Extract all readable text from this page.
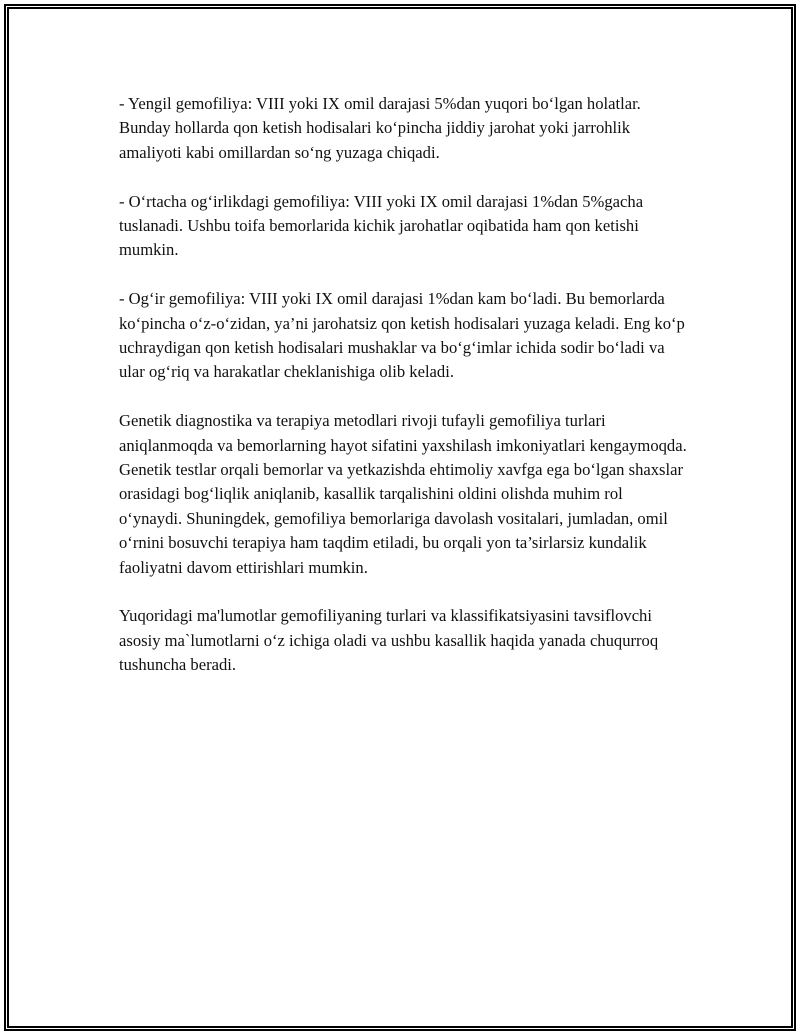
- Yengil gemofiliya: VIII yoki IX omil darajasi 5%dan yuqori bo‘lgan holatlar. Bunday hollarda qon ketish hodisalari ko‘pincha jiddiy jarohat yoki jarrohlik amaliyoti kabi omillardan so‘ng yuzaga chiqadi.

- O‘rtacha og‘irlikdagi gemofiliya: VIII yoki IX omil darajasi 1%dan 5%gacha tuslanadi. Ushbu toifa bemorlarida kichik jarohatlar oqibatida ham qon ketishi mumkin.

- Og‘ir gemofiliya: VIII yoki IX omil darajasi 1%dan kam bo‘ladi. Bu bemorlarda ko‘pincha o‘z-o‘zidan, ya’ni jarohatsiz qon ketish hodisalari yuzaga keladi. Eng ko‘p uchraydigan qon ketish hodisalari mushaklar va bo‘g‘imlar ichida sodir bo‘ladi va ular og‘riq va harakatlar cheklanishiga olib keladi.

Genetik diagnostika va terapiya metodlari rivoji tufayli gemofiliya turlari aniqlanmoqda va bemorlarning hayot sifatini yaxshilash imkoniyatlari kengaymoqda. Genetik testlar orqali bemorlar va yetkazishda ehtimoliy xavfga ega bo‘lgan shaxslar orasidagi bog‘liqlik aniqlanib, kasallik tarqalishini oldini olishda muhim rol o‘ynaydi. Shuningdek, gemofiliya bemorlariga davolash vositalari, jumladan, omil o‘rnini bosuvchi terapiya ham taqdim etiladi, bu orqali yon ta’sirlarsiz kundalik faoliyatni davom ettirishlari mumkin.

Yuqoridagi ma'lumotlar gemofiliyaning turlari va klassifikatsiyasini tavsiflovchi asosiy ma`lumotlarni o‘z ichiga oladi va ushbu kasallik haqida yanada chuqurroq tushuncha beradi.
